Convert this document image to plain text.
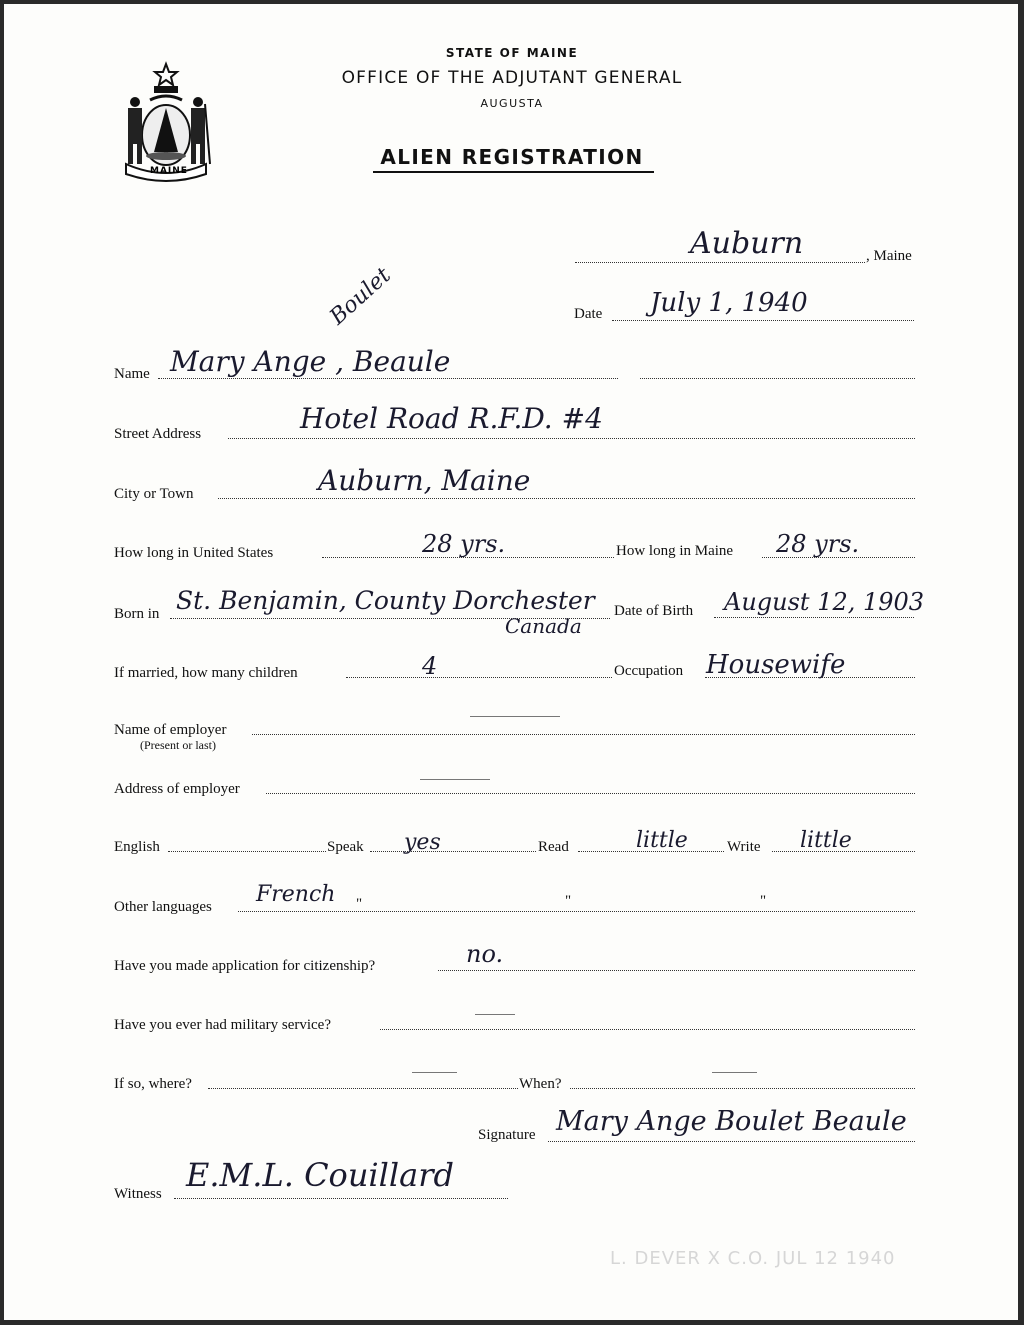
MAINE
STATE OF MAINE
OFFICE OF THE ADJUTANT GENERAL
AUGUSTA
ALIEN REGISTRATION
Auburn	, Maine
Date July 1, 1940
Name Mary Ange , Beaule
Boulet
Street Address	Hotel Road R.F.D. #4
City or Town	Auburn, Maine
How long in United States	28 yrs.	How long in Maine 28 yrs.
Born in St. Benjamin, County Dorchester
Canada
Date of Birth August 12, 1903
If married, how many children	4	Occupation Housewife
Name of employer
(Present or last)
Address of employer
English	Speak yes	Read	little	Write little
Other languages French "	"	"
Have you made application for citizenship?	no.
Have you ever had military service?
If so, where?	When?
Signature Mary Ange Boulet Beaule
Witness E.M.L. Couillard
L. DEVER X C.O. JUL 12 1940
